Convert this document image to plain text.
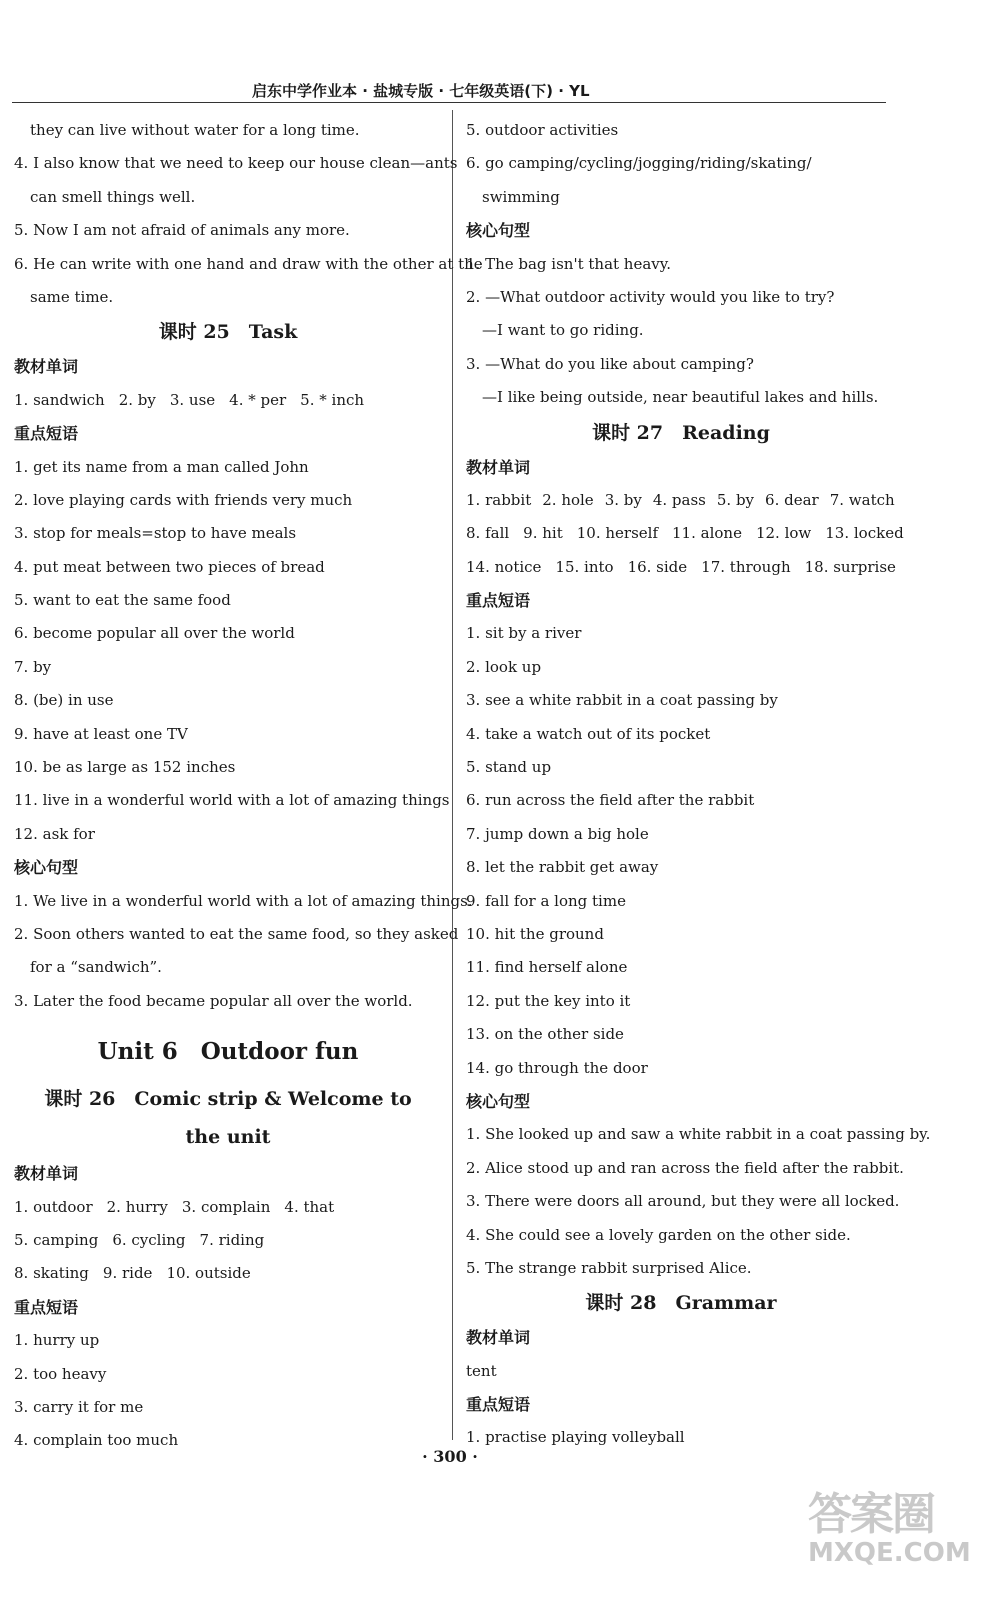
启东中学作业本 · 盐城专版 · 七年级英语(下) · YL
they can live without water for a long time.
4. I also know that we need to keep our house clean—ants
can smell things well.
5. Now I am not afraid of animals any more.
6. He can write with one hand and draw with the other at the
same time.
课时 25　Task
教材单词
1. sandwich 2. by 3. use 4. * per 5. * inch
重点短语
1. get its name from a man called John
2. love playing cards with friends very much
3. stop for meals=stop to have meals
4. put meat between two pieces of bread
5. want to eat the same food
6. become popular all over the world
7. by
8. (be) in use
9. have at least one TV
10. be as large as 152 inches
11. live in a wonderful world with a lot of amazing things
12. ask for
核心句型
1. We live in a wonderful world with a lot of amazing things.
2. Soon others wanted to eat the same food, so they asked
for a “sandwich”.
3. Later the food became popular all over the world.
Unit 6　Outdoor fun
课时 26　Comic strip & Welcome to the unit
教材单词
1. outdoor 2. hurry 3. complain 4. that
5. camping 6. cycling 7. riding
8. skating 9. ride 10. outside
重点短语
1. hurry up
2. too heavy
3. carry it for me
4. complain too much
5. outdoor activities
6. go camping/cycling/jogging/riding/skating/
swimming
核心句型
1. The bag isn't that heavy.
2. —What outdoor activity would you like to try?
—I want to go riding.
3. —What do you like about camping?
—I like being outside, near beautiful lakes and hills.
课时 27　Reading
教材单词
1. rabbit 2. hole 3. by 4. pass 5. by 6. dear 7. watch
8. fall 9. hit 10. herself 11. alone 12. low 13. locked
14. notice 15. into 16. side 17. through 18. surprise
重点短语
1. sit by a river
2. look up
3. see a white rabbit in a coat passing by
4. take a watch out of its pocket
5. stand up
6. run across the field after the rabbit
7. jump down a big hole
8. let the rabbit get away
9. fall for a long time
10. hit the ground
11. find herself alone
12. put the key into it
13. on the other side
14. go through the door
核心句型
1. She looked up and saw a white rabbit in a coat passing by.
2. Alice stood up and ran across the field after the rabbit.
3. There were doors all around, but they were all locked.
4. She could see a lovely garden on the other side.
5. The strange rabbit surprised Alice.
课时 28　Grammar
教材单词
tent
重点短语
1. practise playing volleyball
· 300 ·
答案圈
MXQE.COM
